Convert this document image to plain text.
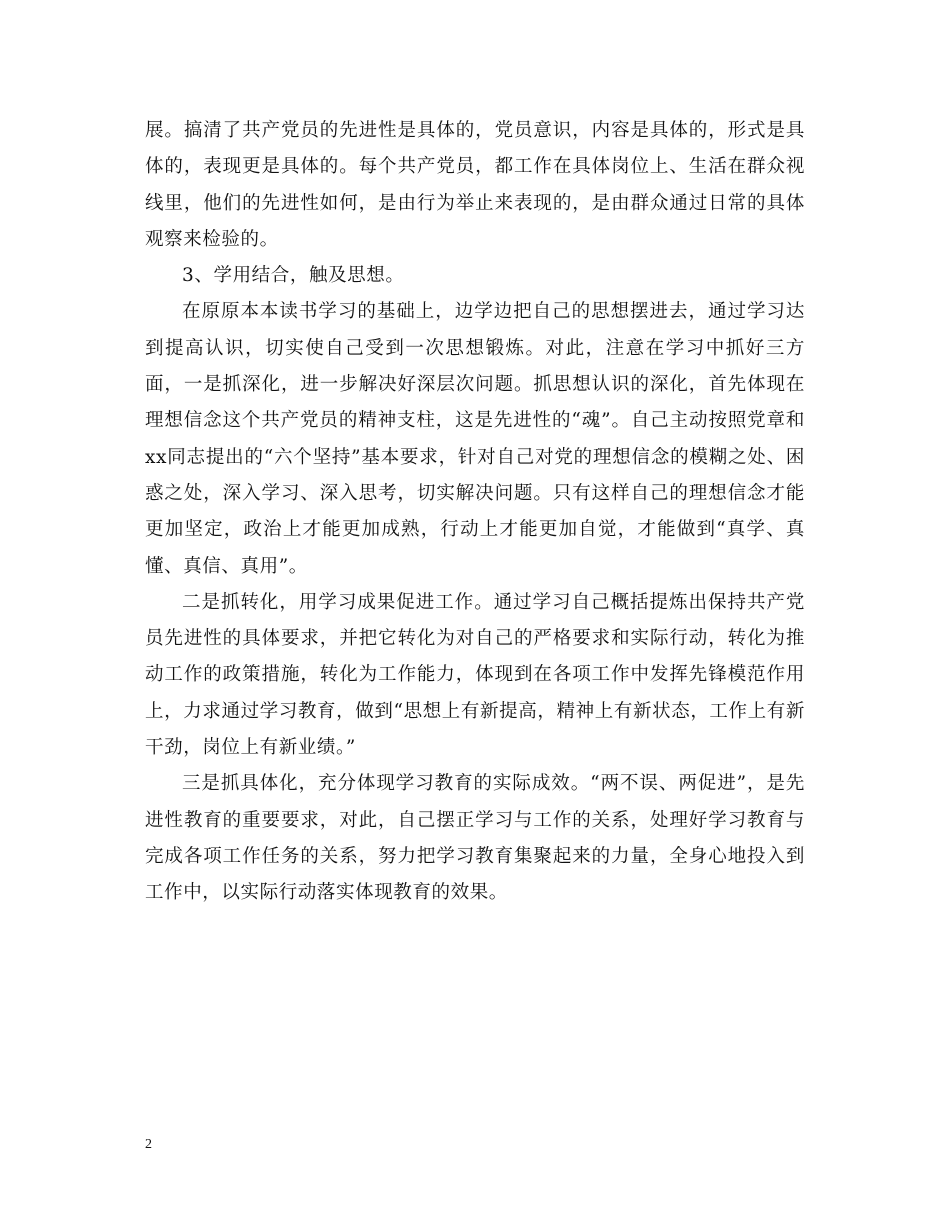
展。搞清了共产党员的先进性是具体的，党员意识，内容是具体的，形式是具体的，表现更是具体的。每个共产党员，都工作在具体岗位上、生活在群众视线里，他们的先进性如何，是由行为举止来表现的，是由群众通过日常的具体观察来检验的。

3、学用结合，触及思想。

在原原本本读书学习的基础上，边学边把自己的思想摆进去，通过学习达到提高认识，切实使自己受到一次思想锻炼。对此，注意在学习中抓好三方面，一是抓深化，进一步解决好深层次问题。抓思想认识的深化，首先体现在理想信念这个共产党员的精神支柱，这是先进性的“魂”。自己主动按照党章和xx同志提出的“六个坚持”基本要求，针对自己对党的理想信念的模糊之处、困惑之处，深入学习、深入思考，切实解决问题。只有这样自己的理想信念才能更加坚定，政治上才能更加成熟，行动上才能更加自觉，才能做到“真学、真懂、真信、真用”。

二是抓转化，用学习成果促进工作。通过学习自己概括提炼出保持共产党员先进性的具体要求，并把它转化为对自己的严格要求和实际行动，转化为推动工作的政策措施，转化为工作能力，体现到在各项工作中发挥先锋模范作用上，力求通过学习教育，做到“思想上有新提高，精神上有新状态，工作上有新干劲，岗位上有新业绩。”

三是抓具体化，充分体现学习教育的实际成效。“两不误、两促进”，是先进性教育的重要要求，对此，自己摆正学习与工作的关系，处理好学习教育与完成各项工作任务的关系，努力把学习教育集聚起来的力量，全身心地投入到工作中，以实际行动落实体现教育的效果。

2
